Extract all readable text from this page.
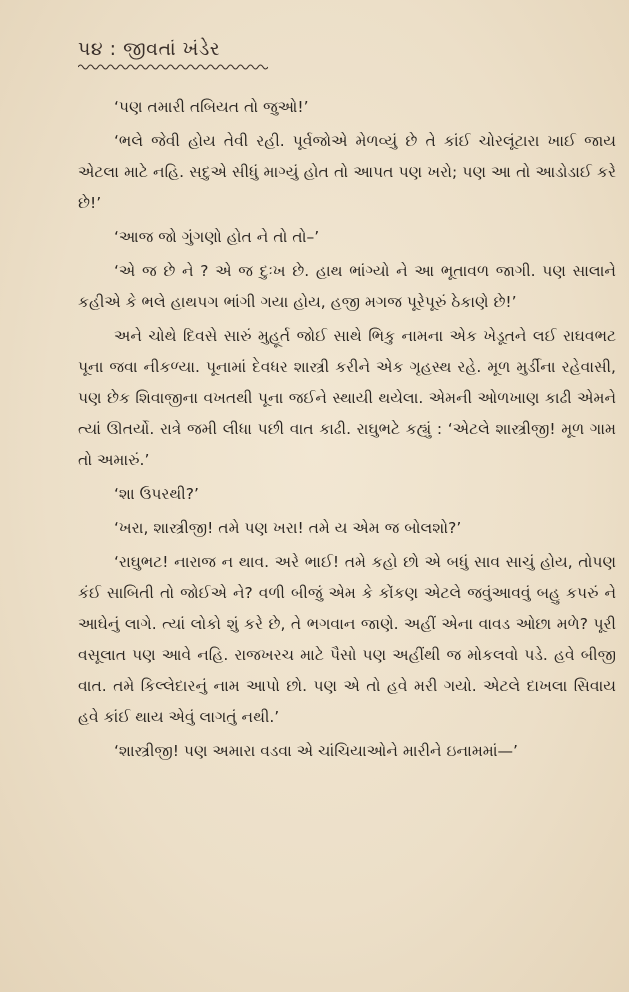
પ૪ : જીવતાં ખંડેર

‘પણ તમારી તબિયત તો જુઓ!’

‘ભલે જેવી હોય તેવી રહી. પૂર્વજોએ મેળવ્યું છે તે કાંઈ ચોરલૂંટારા ખાઈ જાય એટલા માટે નહિ. સદુએ સીધું માગ્યું હોત તો આપત પણ ખરો; પણ આ તો આડોડાઈ કરે છે!’

‘આજ જો ગુંગણો હોત ને તો તો–’

‘એ જ છે ને ? એ જ દુઃખ છે. હાથ ભાંગ્યો ને આ ભૂતાવળ જાગી. પણ સાલાને કહીએ કે ભલે હાથપગ ભાંગી ગયા હોય, હજી મગજ પૂરેપૂરું ઠેકાણે છે!’

અને ચોથે દિવસે સારું મુહૂર્ત જોઈ સાથે ભિકુ નામના એક ખેડૂતને લઈ રાઘવભટ પૂના જવા નીકળ્યા. પૂનામાં દેવધર શાસ્ત્રી કરીને એક ગૃહસ્થ રહે. મૂળ મુર્ડીના રહેવાસી, પણ છેક શિવાજીના વખતથી પૂના જઈને સ્થાયી થયેલા. એમની ઓળખાણ કાઢી એમને ત્યાં ઊતર્યો. રાત્રે જમી લીધા પછી વાત કાઢી. રાઘુભટે કહ્યું : ‘એટલે શાસ્ત્રીજી! મૂળ ગામ તો અમારું.’

‘શા ઉપરથી?’

‘ખરા, શાસ્ત્રીજી! તમે પણ ખરા! તમે ય એમ જ બોલશો?’

‘રાઘુભટ! નારાજ ન થાવ. અરે ભાઈ! તમે કહો છો એ બધું સાવ સાચું હોય, તોપણ કંઈ સાબિતી તો જોઈએ ને? વળી બીજું એમ કે કોંકણ એટલે જવુંઆવવું બહુ કપરું ને આઘેનું લાગે. ત્યાં લોકો શું કરે છે, તે ભગવાન જાણે. અહીં એના વાવડ ઓછા મળે? પૂરી વસૂલાત પણ આવે નહિ. રાજખરચ માટે પૈસો પણ અહીંથી જ મોકલવો પડે. હવે બીજી વાત. તમે કિલ્લેદારનું નામ આપો છો. પણ એ તો હવે મરી ગયો. એટલે દાખલા સિવાય હવે કાંઈ થાય એવું લાગતું નથી.’

‘શાસ્ત્રીજી! પણ અમારા વડવા એ ચાંચિયાઓને મારીને ઇનામમાં—’
